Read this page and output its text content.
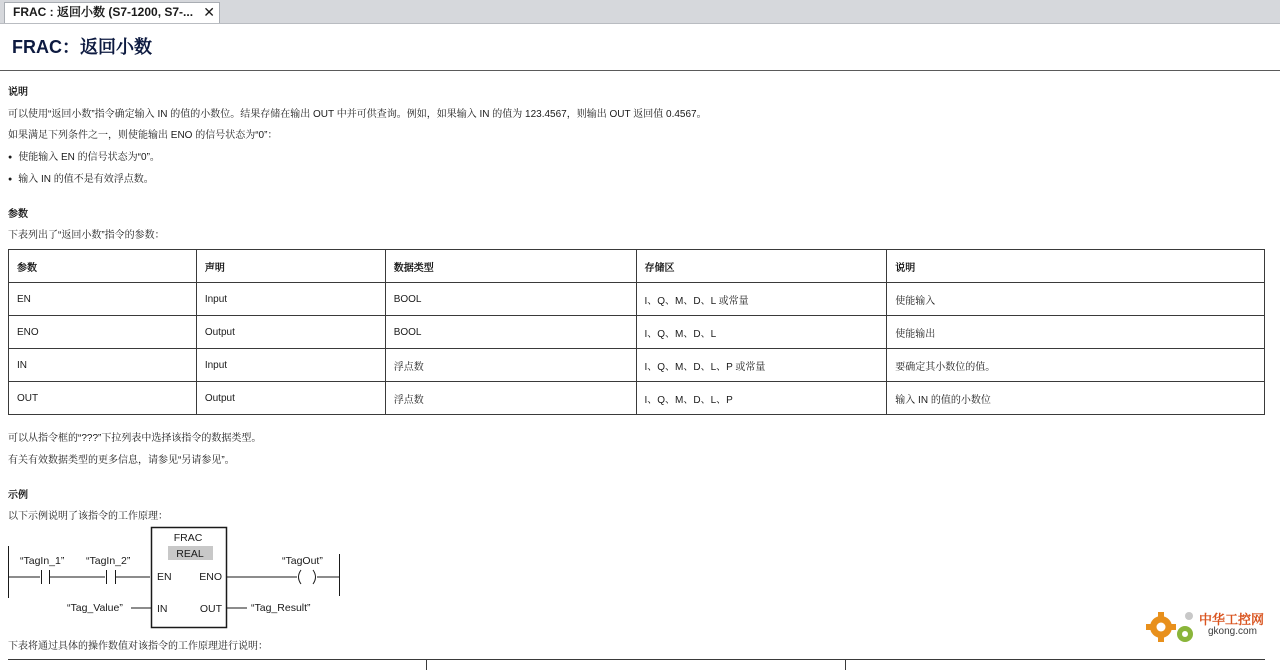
FRAC : 返回小数 (S7-1200, S7-... ✕
FRAC：返回小数
说明
可以使用“返回小数”指令确定输入 IN 的值的小数位。结果存储在输出 OUT 中并可供查询。例如，如果输入 IN 的值为 123.4567，则输出 OUT 返回值 0.4567。
如果满足下列条件之一，则使能输出 ENO 的信号状态为“0”：
● 使能输入 EN 的信号状态为“0”。
● 输入 IN 的值不是有效浮点数。
参数
下表列出了“返回小数”指令的参数：
参数	声明	数据类型	存储区	说明
EN	Input	BOOL	I、Q、M、D、L 或常量	使能输入
ENO	Output	BOOL	I、Q、M、D、L	使能输出
IN	Input	浮点数	I、Q、M、D、L、P 或常量	要确定其小数位的值。
OUT	Output	浮点数	I、Q、M、D、L、P	输入 IN 的值的小数位
可以从指令框的“???”下拉列表中选择该指令的数据类型。
有关有效数据类型的更多信息，请参见“另请参见”。
示例
以下示例说明了该指令的工作原理：
“TagIn_1” “TagIn_2”
FRAC
REAL
EN	ENO
IN	OUT
“TagOut”
“Tag_Value”	“Tag_Result”
下表将通过具体的操作数值对该指令的工作原理进行说明：
中华工控网
gkong.com
